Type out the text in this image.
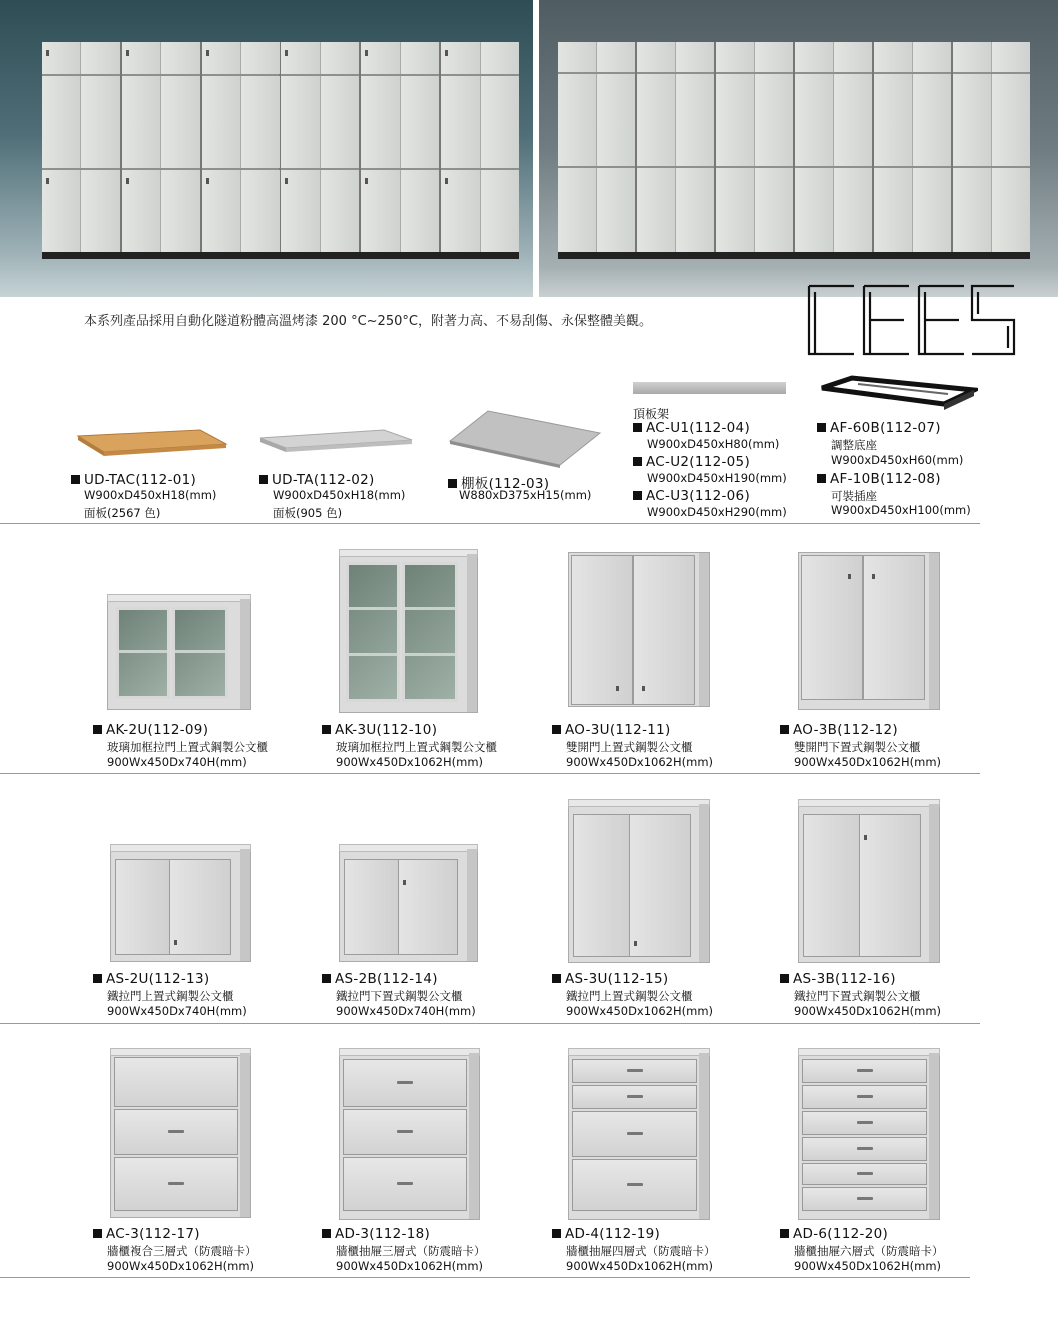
本系列產品採用自動化隧道粉體高溫烤漆 200 °C~250°C，附著力高、不易刮傷、永保整體美觀。
CEES
UD-TAC(112-01)
W900xD450xH18(mm)
面板(2567 色)
UD-TA(112-02)
W900xD450xH18(mm)
面板(905 色)
棚板(112-03)
W880xD375xH15(mm)
頂板架
AC-U1(112-04)
W900xD450xH80(mm)
AC-U2(112-05)
W900xD450xH190(mm)
AC-U3(112-06)
W900xD450xH290(mm)
AF-60B(112-07)
調整底座
W900xD450xH60(mm)
AF-10B(112-08)
可裝插座
W900xD450xH100(mm)
AK-2U(112-09)
玻璃加框拉門上置式鋼製公文櫃
900Wx450Dx740H(mm)
AK-3U(112-10)
玻璃加框拉門上置式鋼製公文櫃
900Wx450Dx1062H(mm)
AO-3U(112-11)
雙開門上置式鋼製公文櫃
900Wx450Dx1062H(mm)
AO-3B(112-12)
雙開門下置式鋼製公文櫃
900Wx450Dx1062H(mm)
AS-2U(112-13)
鐵拉門上置式鋼製公文櫃
900Wx450Dx740H(mm)
AS-2B(112-14)
鐵拉門下置式鋼製公文櫃
900Wx450Dx740H(mm)
AS-3U(112-15)
鐵拉門上置式鋼製公文櫃
900Wx450Dx1062H(mm)
AS-3B(112-16)
鐵拉門下置式鋼製公文櫃
900Wx450Dx1062H(mm)
AC-3(112-17)
牆櫃複合三層式（防震暗卡）
900Wx450Dx1062H(mm)
AD-3(112-18)
牆櫃抽屜三層式（防震暗卡）
900Wx450Dx1062H(mm)
AD-4(112-19)
牆櫃抽屜四層式（防震暗卡）
900Wx450Dx1062H(mm)
AD-6(112-20)
牆櫃抽屜六層式（防震暗卡）
900Wx450Dx1062H(mm)
